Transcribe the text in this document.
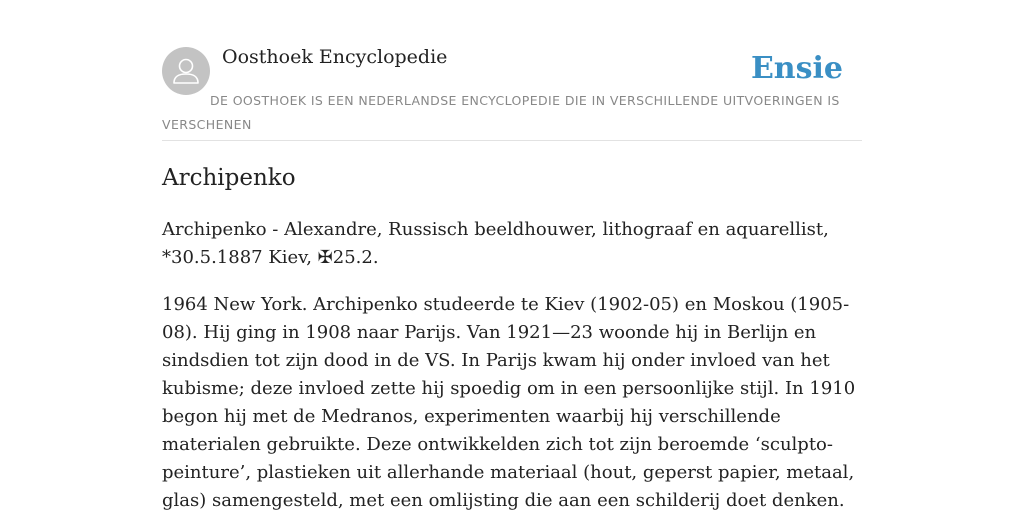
Oosthoek Encyclopedie	Ensie

DE OOSTHOEK IS EEN NEDERLANDSE ENCYCLOPEDIE DIE IN VERSCHILLENDE UITVOERINGEN IS VERSCHENEN

Archipenko

Archipenko - Alexandre, Russisch beeldhouwer, lithograaf en aquarellist, *30.5.1887 Kiev, ✠25.2.

1964 New York. Archipenko studeerde te Kiev (1902-05) en Moskou (1905-08). Hij ging in 1908 naar Parijs. Van 1921—23 woonde hij in Berlijn en sindsdien tot zijn dood in de VS. In Parijs kwam hij onder invloed van het kubisme; deze invloed zette hij spoedig om in een persoonlijke stijl. In 1910 begon hij met de Medranos, experimenten waarbij hij verschillende materialen gebruikte. Deze ontwikkelden zich tot zijn beroemde ‘sculpto-peinture’, plastieken uit allerhande materiaal (hout, geperst papier, metaal, glas) samengesteld, met een omlijsting die aan een schilderij doet denken.
